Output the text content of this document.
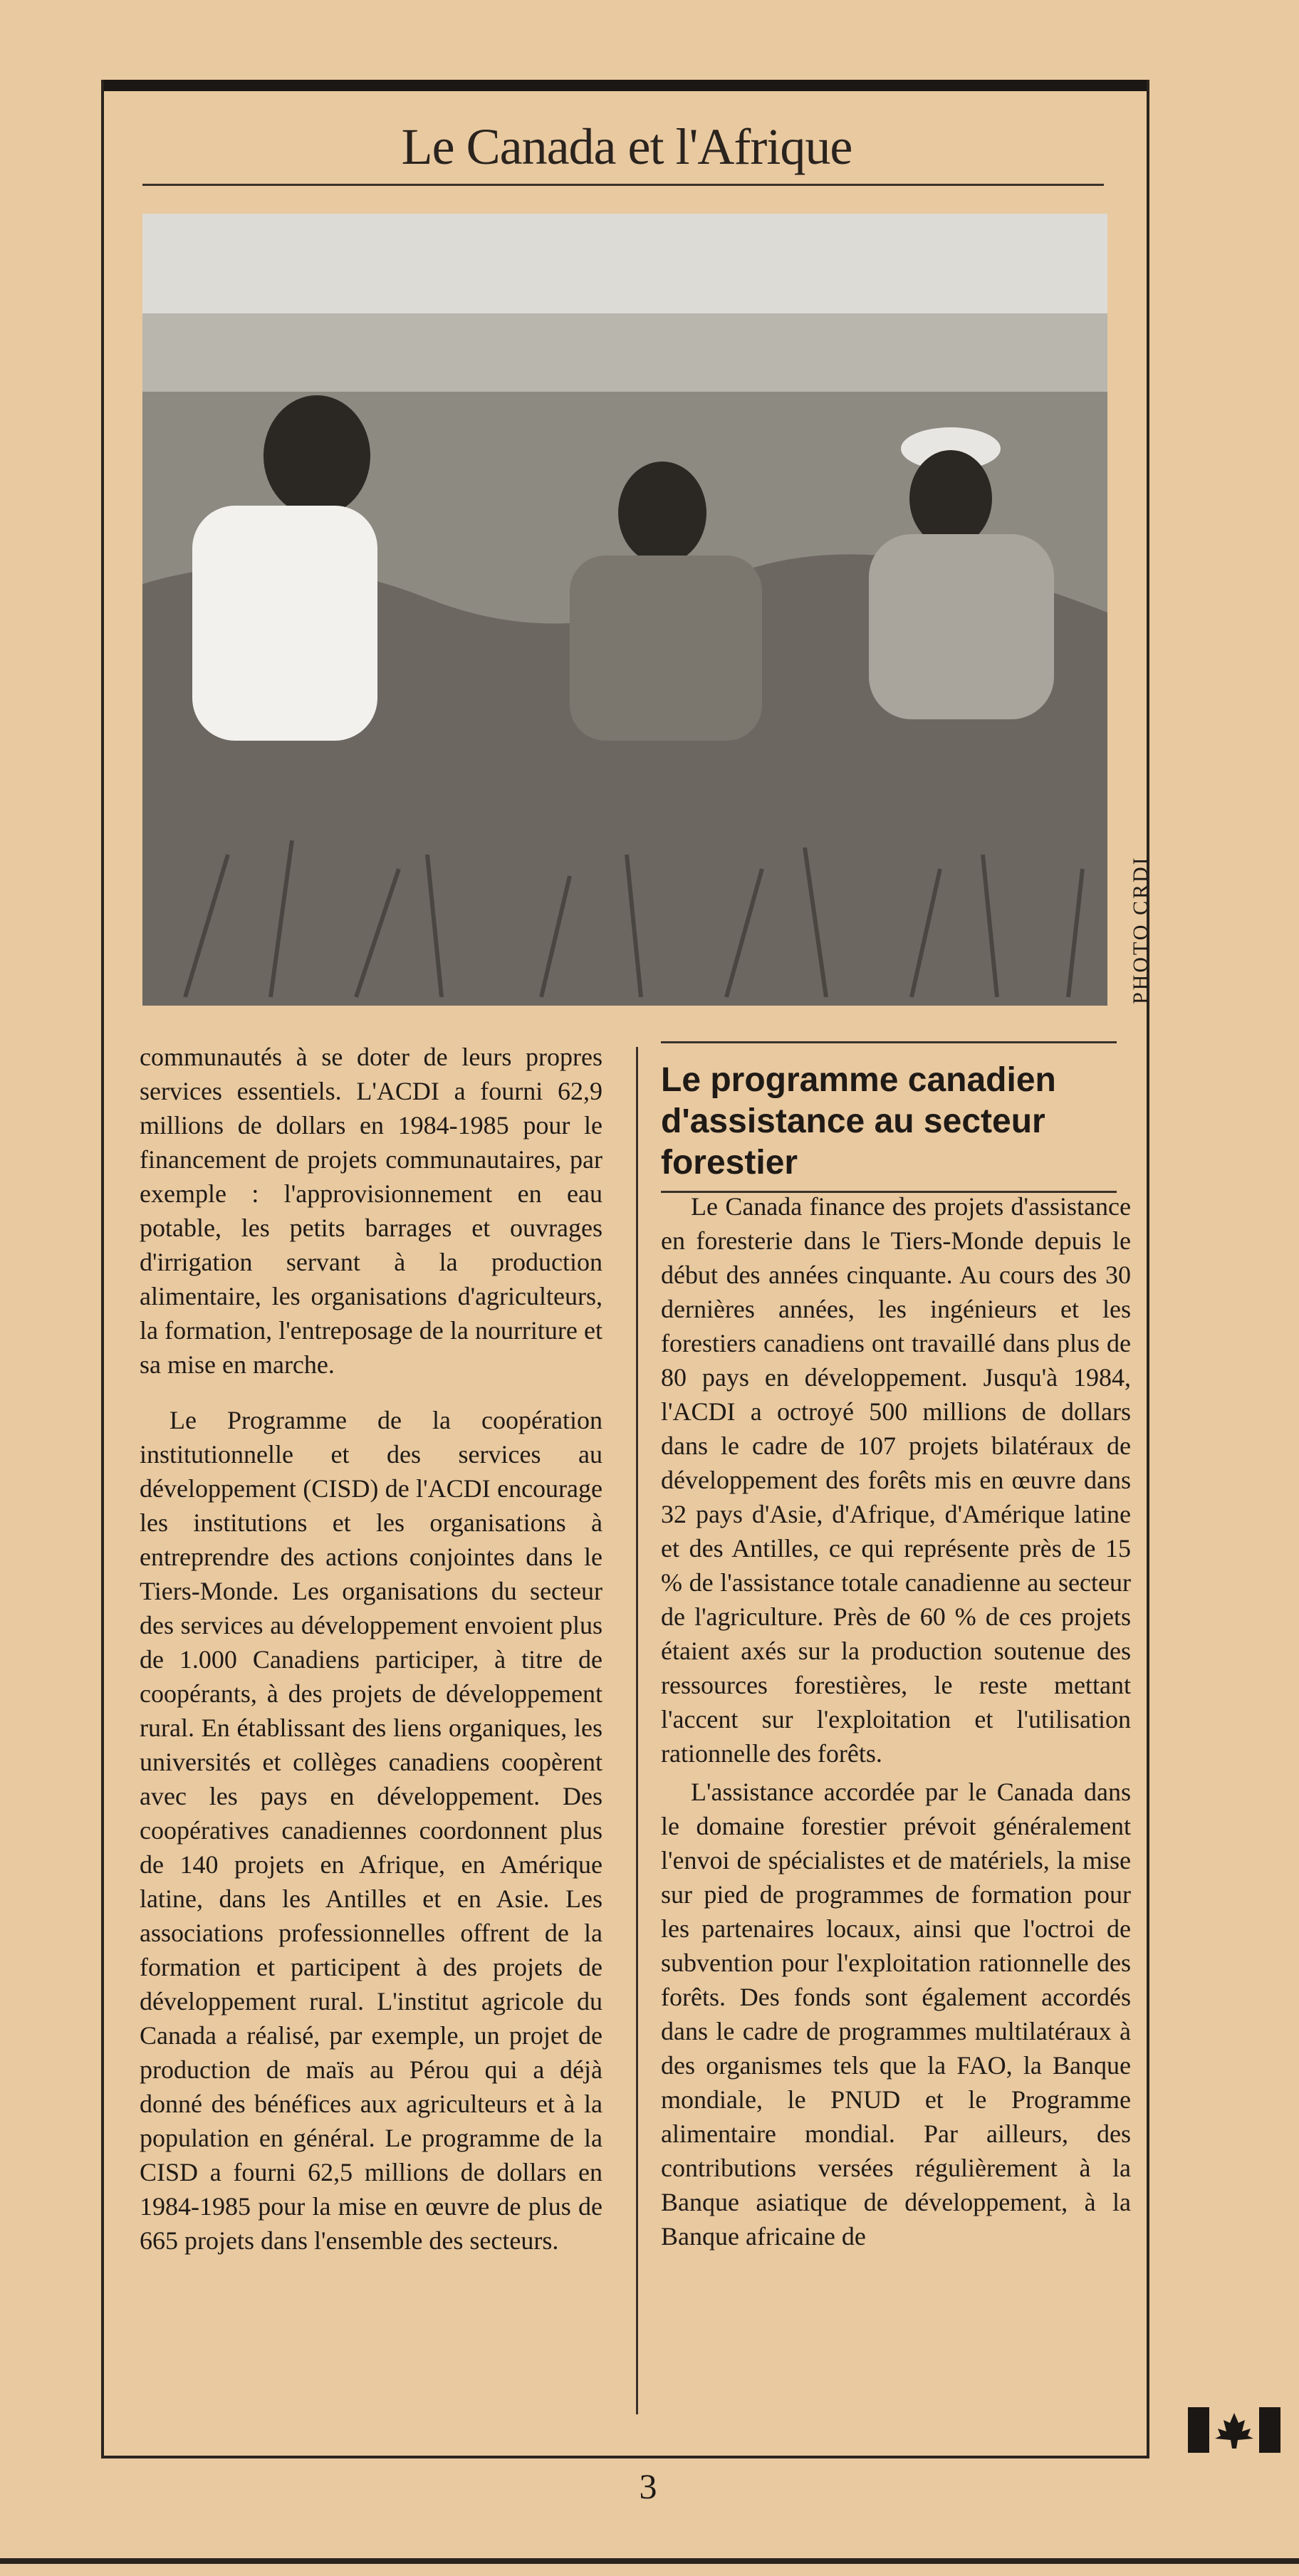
Le Canada et l'Afrique
PHOTO CRDI

communautés à se doter de leurs propres services essentiels. L'ACDI a fourni 62,9 millions de dollars en 1984-1985 pour le financement de projets communautaires, par exemple : l'approvisionnement en eau potable, les petits barrages et ouvrages d'irrigation servant à la production alimentaire, les organisations d'agriculteurs, la formation, l'entreposage de la nourriture et sa mise en marche.

Le Programme de la coopération institutionnelle et des services au développement (CISD) de l'ACDI encourage les institutions et les organisations à entreprendre des actions conjointes dans le Tiers-Monde. Les organisations du secteur des services au développement envoient plus de 1.000 Canadiens participer, à titre de coopérants, à des projets de développement rural. En établissant des liens organiques, les universités et collèges canadiens coopèrent avec les pays en développement. Des coopératives canadiennes coordonnent plus de 140 projets en Afrique, en Amérique latine, dans les Antilles et en Asie. Les associations professionnelles offrent de la formation et participent à des projets de développement rural. L'institut agricole du Canada a réalisé, par exemple, un projet de production de maïs au Pérou qui a déjà donné des bénéfices aux agriculteurs et à la population en général. Le programme de la CISD a fourni 62,5 millions de dollars en 1984-1985 pour la mise en œuvre de plus de 665 projets dans l'ensemble des secteurs.

Le programme canadien d'assistance au secteur forestier

Le Canada finance des projets d'assistance en foresterie dans le Tiers-Monde depuis le début des années cinquante. Au cours des 30 dernières années, les ingénieurs et les forestiers canadiens ont travaillé dans plus de 80 pays en développement. Jusqu'à 1984, l'ACDI a octroyé 500 millions de dollars dans le cadre de 107 projets bilatéraux de développement des forêts mis en œuvre dans 32 pays d'Asie, d'Afrique, d'Amérique latine et des Antilles, ce qui représente près de 15 % de l'assistance totale canadienne au secteur de l'agriculture. Près de 60 % de ces projets étaient axés sur la production soutenue des ressources forestières, le reste mettant l'accent sur l'exploitation et l'utilisation rationnelle des forêts.

L'assistance accordée par le Canada dans le domaine forestier prévoit généralement l'envoi de spécialistes et de matériels, la mise sur pied de programmes de formation pour les partenaires locaux, ainsi que l'octroi de subvention pour l'exploitation rationnelle des forêts. Des fonds sont également accordés dans le cadre de programmes multilatéraux à des organismes tels que la FAO, la Banque mondiale, le PNUD et le Programme alimentaire mondial. Par ailleurs, des contributions versées régulièrement à la Banque asiatique de développement, à la Banque africaine de

3
